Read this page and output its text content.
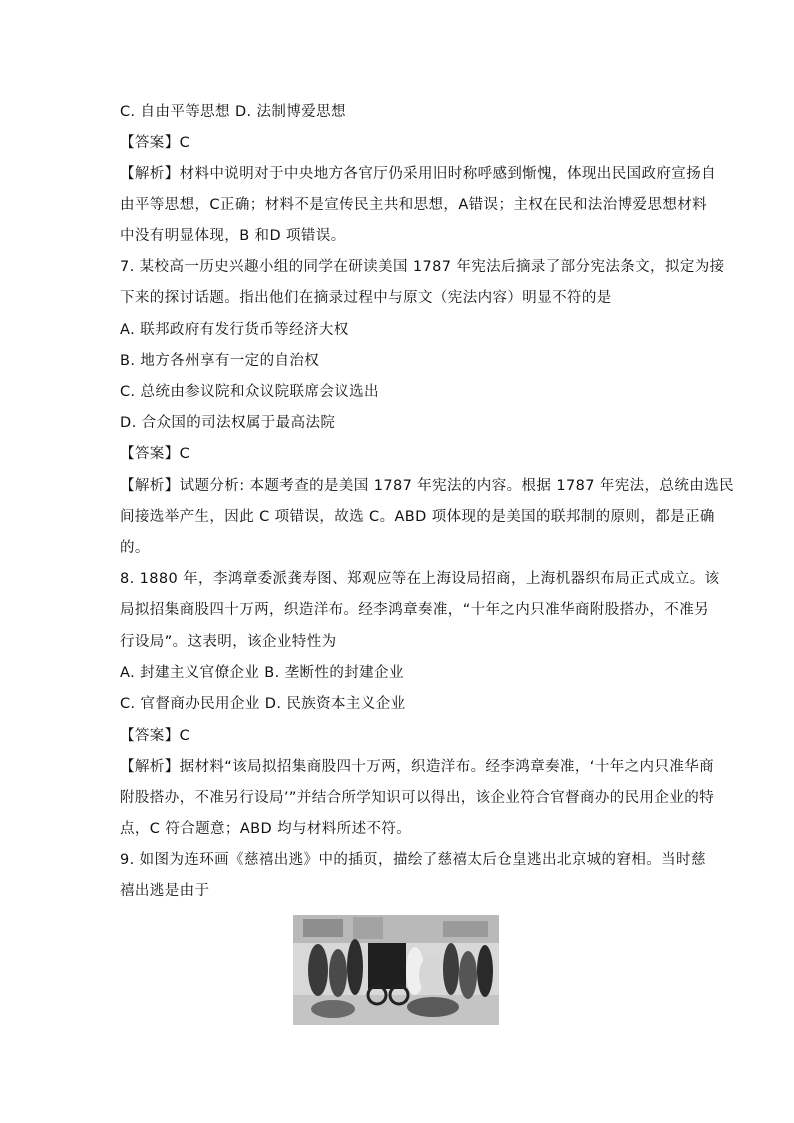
C. 自由平等思想 D. 法制博爱思想
【答案】C
【解析】材料中说明对于中央地方各官厅仍采用旧时称呼感到惭愧，体现出民国政府宣扬自
由平等思想，C正确；材料不是宣传民主共和思想，A错误；主权在民和法治博爱思想材料
中没有明显体现，B 和D 项错误。
7. 某校高一历史兴趣小组的同学在研读美国 1787 年宪法后摘录了部分宪法条文，拟定为接
下来的探讨话题。指出他们在摘录过程中与原文（宪法内容）明显不符的是
A. 联邦政府有发行货币等经济大权
B. 地方各州享有一定的自治权
C. 总统由参议院和众议院联席会议选出
D. 合众国的司法权属于最高法院
【答案】C
【解析】试题分析: 本题考查的是美国 1787 年宪法的内容。根据 1787 年宪法，总统由选民
间接选举产生，因此 C 项错误，故选 C。ABD 项体现的是美国的联邦制的原则，都是正确
的。
8. 1880 年，李鸿章委派龚寿图、郑观应等在上海设局招商，上海机器织布局正式成立。该
局拟招集商股四十万两，织造洋布。经李鸿章奏准，“十年之内只准华商附股搭办，不准另
行设局”。这表明，该企业特性为
A. 封建主义官僚企业 B. 垄断性的封建企业
C. 官督商办民用企业 D. 民族资本主义企业
【答案】C
【解析】据材料“该局拟招集商股四十万两，织造洋布。经李鸿章奏准，‘十年之内只准华商
附股搭办，不准另行设局’”并结合所学知识可以得出，该企业符合官督商办的民用企业的特
点，C 符合题意；ABD 均与材料所述不符。
9. 如图为连环画《慈禧出逃》中的插页，描绘了慈禧太后仓皇逃出北京城的窘相。当时慈
禧出逃是由于
